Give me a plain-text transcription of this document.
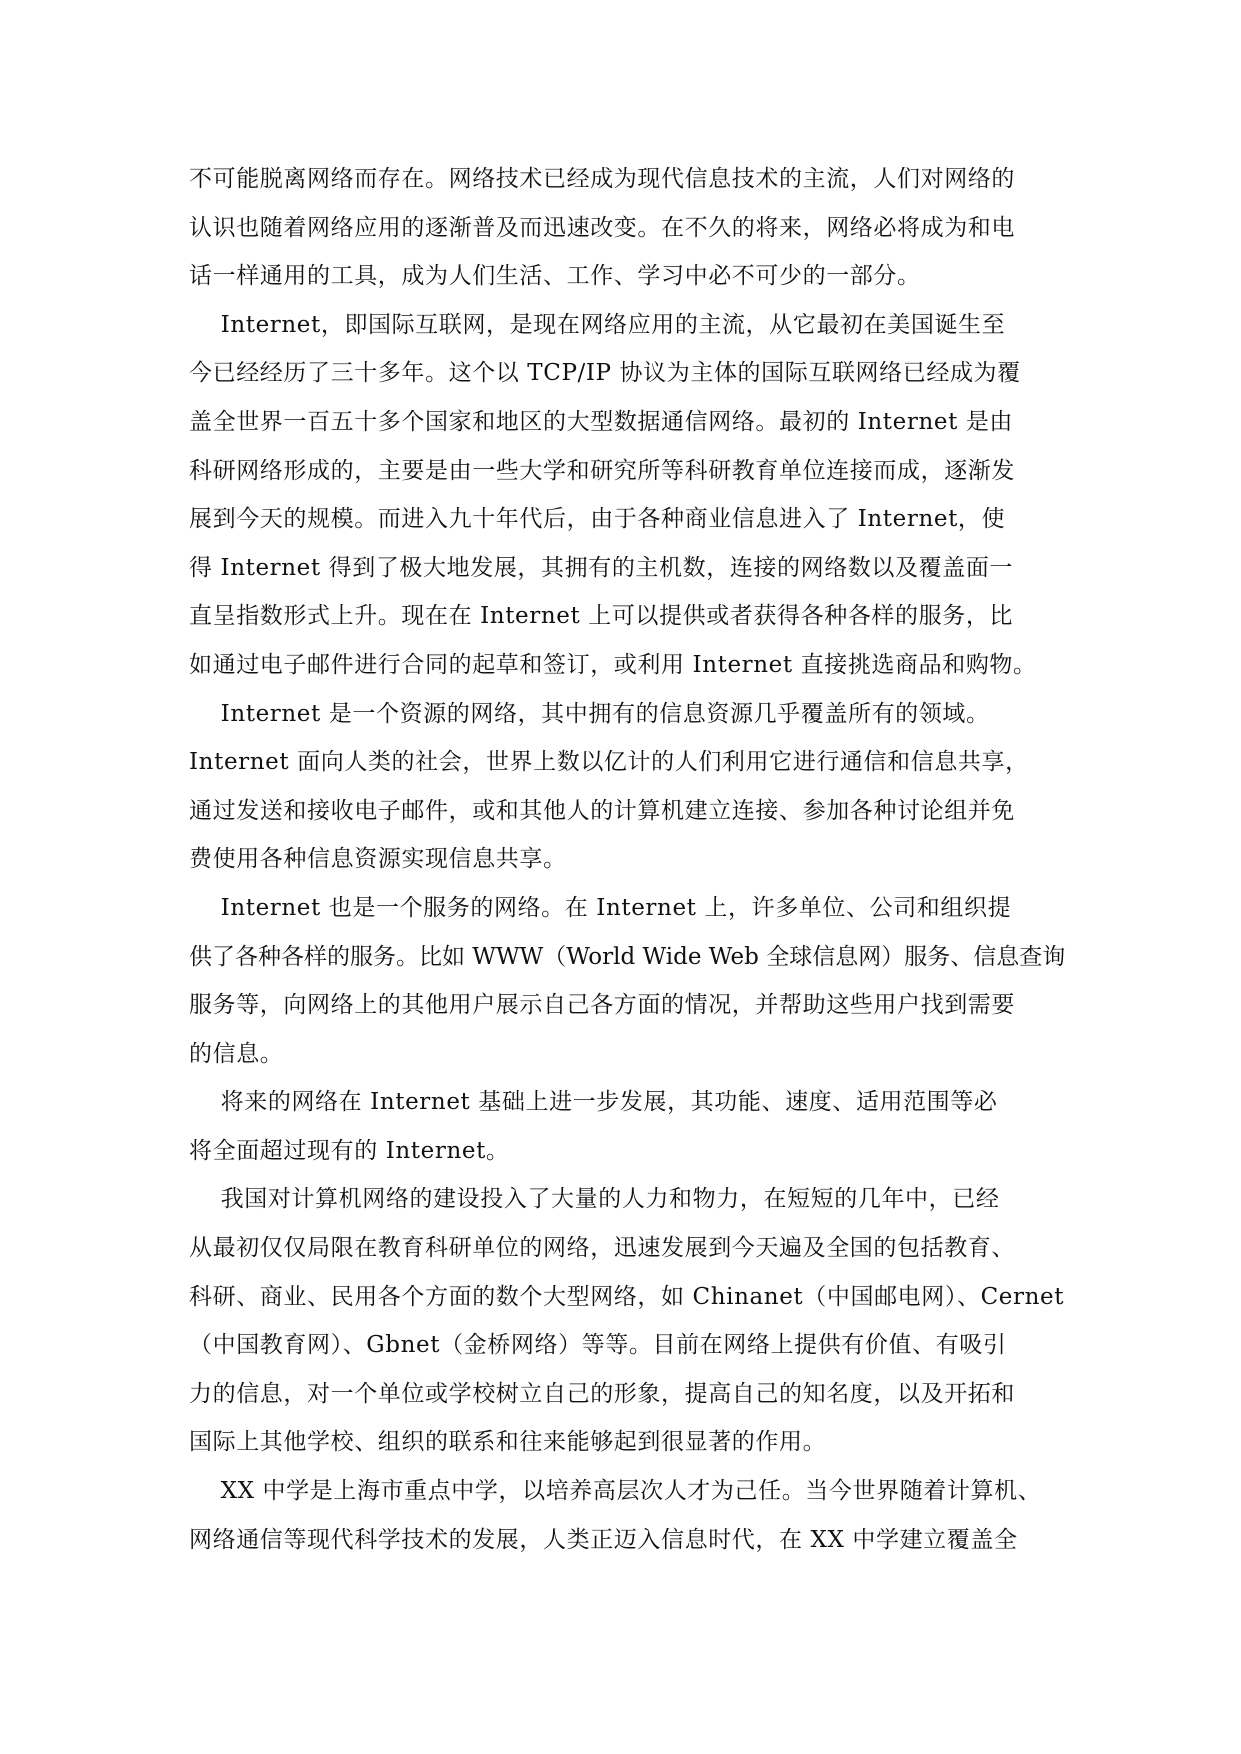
不可能脱离网络而存在。网络技术已经成为现代信息技术的主流，人们对网络的
认识也随着网络应用的逐渐普及而迅速改变。在不久的将来，网络必将成为和电
话一样通用的工具，成为人们生活、工作、学习中必不可少的一部分。
Internet，即国际互联网，是现在网络应用的主流，从它最初在美国诞生至
今已经经历了三十多年。这个以 TCP/IP 协议为主体的国际互联网络已经成为覆
盖全世界一百五十多个国家和地区的大型数据通信网络。最初的 Internet 是由
科研网络形成的，主要是由一些大学和研究所等科研教育单位连接而成，逐渐发
展到今天的规模。而进入九十年代后，由于各种商业信息进入了 Internet，使
得 Internet 得到了极大地发展，其拥有的主机数，连接的网络数以及覆盖面一
直呈指数形式上升。现在在 Internet 上可以提供或者获得各种各样的服务，比
如通过电子邮件进行合同的起草和签订，或利用 Internet 直接挑选商品和购物。
Internet 是一个资源的网络，其中拥有的信息资源几乎覆盖所有的领域。
Internet 面向人类的社会，世界上数以亿计的人们利用它进行通信和信息共享，
通过发送和接收电子邮件，或和其他人的计算机建立连接、参加各种讨论组并免
费使用各种信息资源实现信息共享。
Internet 也是一个服务的网络。在 Internet 上，许多单位、公司和组织提
供了各种各样的服务。比如 WWW（World Wide Web 全球信息网）服务、信息查询
服务等，向网络上的其他用户展示自己各方面的情况，并帮助这些用户找到需要
的信息。
将来的网络在 Internet 基础上进一步发展，其功能、速度、适用范围等必
将全面超过现有的 Internet。
我国对计算机网络的建设投入了大量的人力和物力，在短短的几年中，已经
从最初仅仅局限在教育科研单位的网络，迅速发展到今天遍及全国的包括教育、
科研、商业、民用各个方面的数个大型网络，如 Chinanet（中国邮电网）、Cernet
（中国教育网）、Gbnet（金桥网络）等等。目前在网络上提供有价值、有吸引
力的信息，对一个单位或学校树立自己的形象，提高自己的知名度，以及开拓和
国际上其他学校、组织的联系和往来能够起到很显著的作用。
XX 中学是上海市重点中学，以培养高层次人才为己任。当今世界随着计算机、
网络通信等现代科学技术的发展，人类正迈入信息时代，在 XX 中学建立覆盖全
